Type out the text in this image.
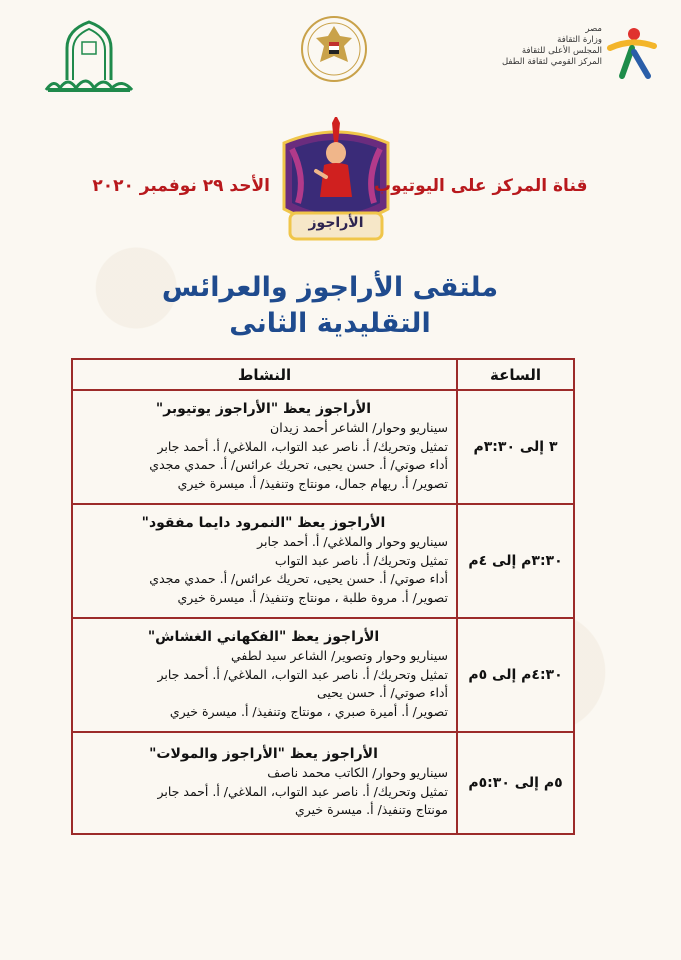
مصر
وزارة الثقافة
المجلس الأعلى للثقافة
المركز القومي لثقافة الطفل
الأراجوز
قناة المركز على اليوتيوب
الأحد ٢٩ نوفمبر ٢٠٢٠
ملتقى الأراجوز والعرائس
التقليدية الثانى
الساعة	النشاط
٣ إلى ٣:٣٠م	الأراجوز يعظ "الأراجوز يوتيوبر"
سيناريو وحوار/ الشاعر أحمد زيدان
تمثيل وتحريك/ أ. ناصر عبد التواب، الملاغي/ أ. أحمد جابر
أداء صوتي/ أ. حسن يحيى، تحريك عرائس/ أ. حمدي مجدي
تصوير/ أ. ريهام جمال، مونتاج وتنفيذ/ أ. ميسرة خيري

٣:٣٠م إلى ٤م	الأراجوز يعظ "النمرود دايما مفقود"
سيناريو وحوار والملاغي/ أ. أحمد جابر
تمثيل وتحريك/ أ. ناصر عبد التواب
أداء صوتي/ أ. حسن يحيى، تحريك عرائس/ أ. حمدي مجدي
تصوير/ أ. مروة طلبة ، مونتاج وتنفيذ/ أ. ميسرة خيري

٤:٣٠م إلى ٥م	الأراجوز يعظ "الفكهاني الغشاش"
سيناريو وحوار وتصوير/ الشاعر سيد لطفي
تمثيل وتحريك/ أ. ناصر عبد التواب، الملاغي/ أ. أحمد جابر
أداء صوتي/ أ. حسن يحيى
تصوير/ أ. أميرة صبري ، مونتاج وتنفيذ/ أ. ميسرة خيري

٥م إلى ٥:٣٠م	الأراجوز يعظ "الأراجوز والمولات"
سيناريو وحوار/ الكاتب محمد ناصف
تمثيل وتحريك/ أ. ناصر عبد التواب، الملاغي/ أ. أحمد جابر
مونتاج وتنفيذ/ أ. ميسرة خيري
